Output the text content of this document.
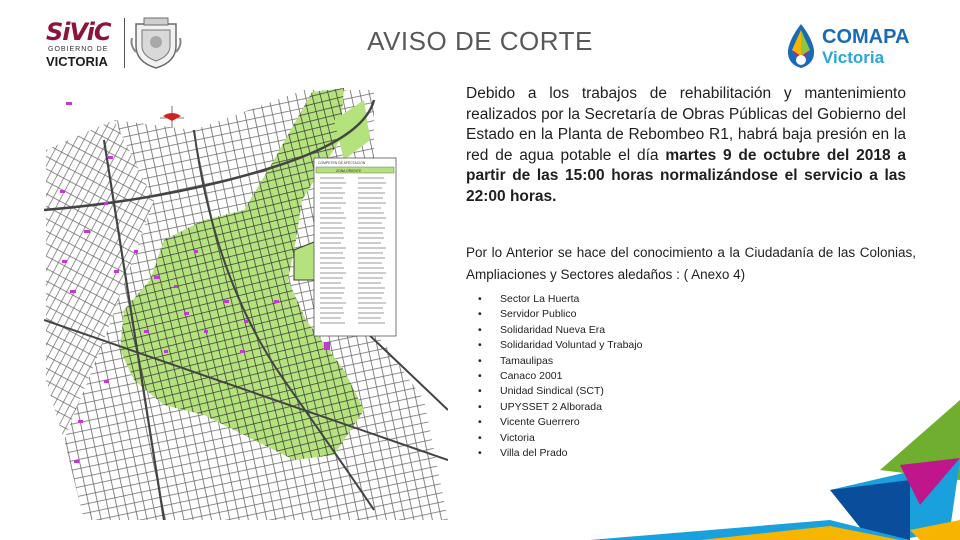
SiViC
GOBIERNO DE
VICTORIA
AVISO DE CORTE	COMAPA
Victoria
COMPETEN DE AFECTACION
ZONA ORIENTE
Debido a los trabajos de rehabilitación y mantenimiento realizados por la Secretaría de Obras Públicas del Gobierno del Estado en la Planta de Rebombeo R1, habrá baja presión en la red de agua potable el día martes 9 de octubre del 2018 a partir de las 15:00 horas normalizándose el servicio a las 22:00 horas.
Por lo Anterior se hace del conocimiento a la Ciudadanía de las Colonias, Ampliaciones y Sectores aledaños : ( Anexo 4)
• Sector La Huerta
• Servidor Publico
• Solidaridad Nueva Era
• Solidaridad Voluntad y Trabajo
• Tamaulipas
• Canaco 2001
• Unidad Sindical (SCT)
• UPYSSET 2 Alborada
• Vicente Guerrero
• Victoria
• Villa del Prado
